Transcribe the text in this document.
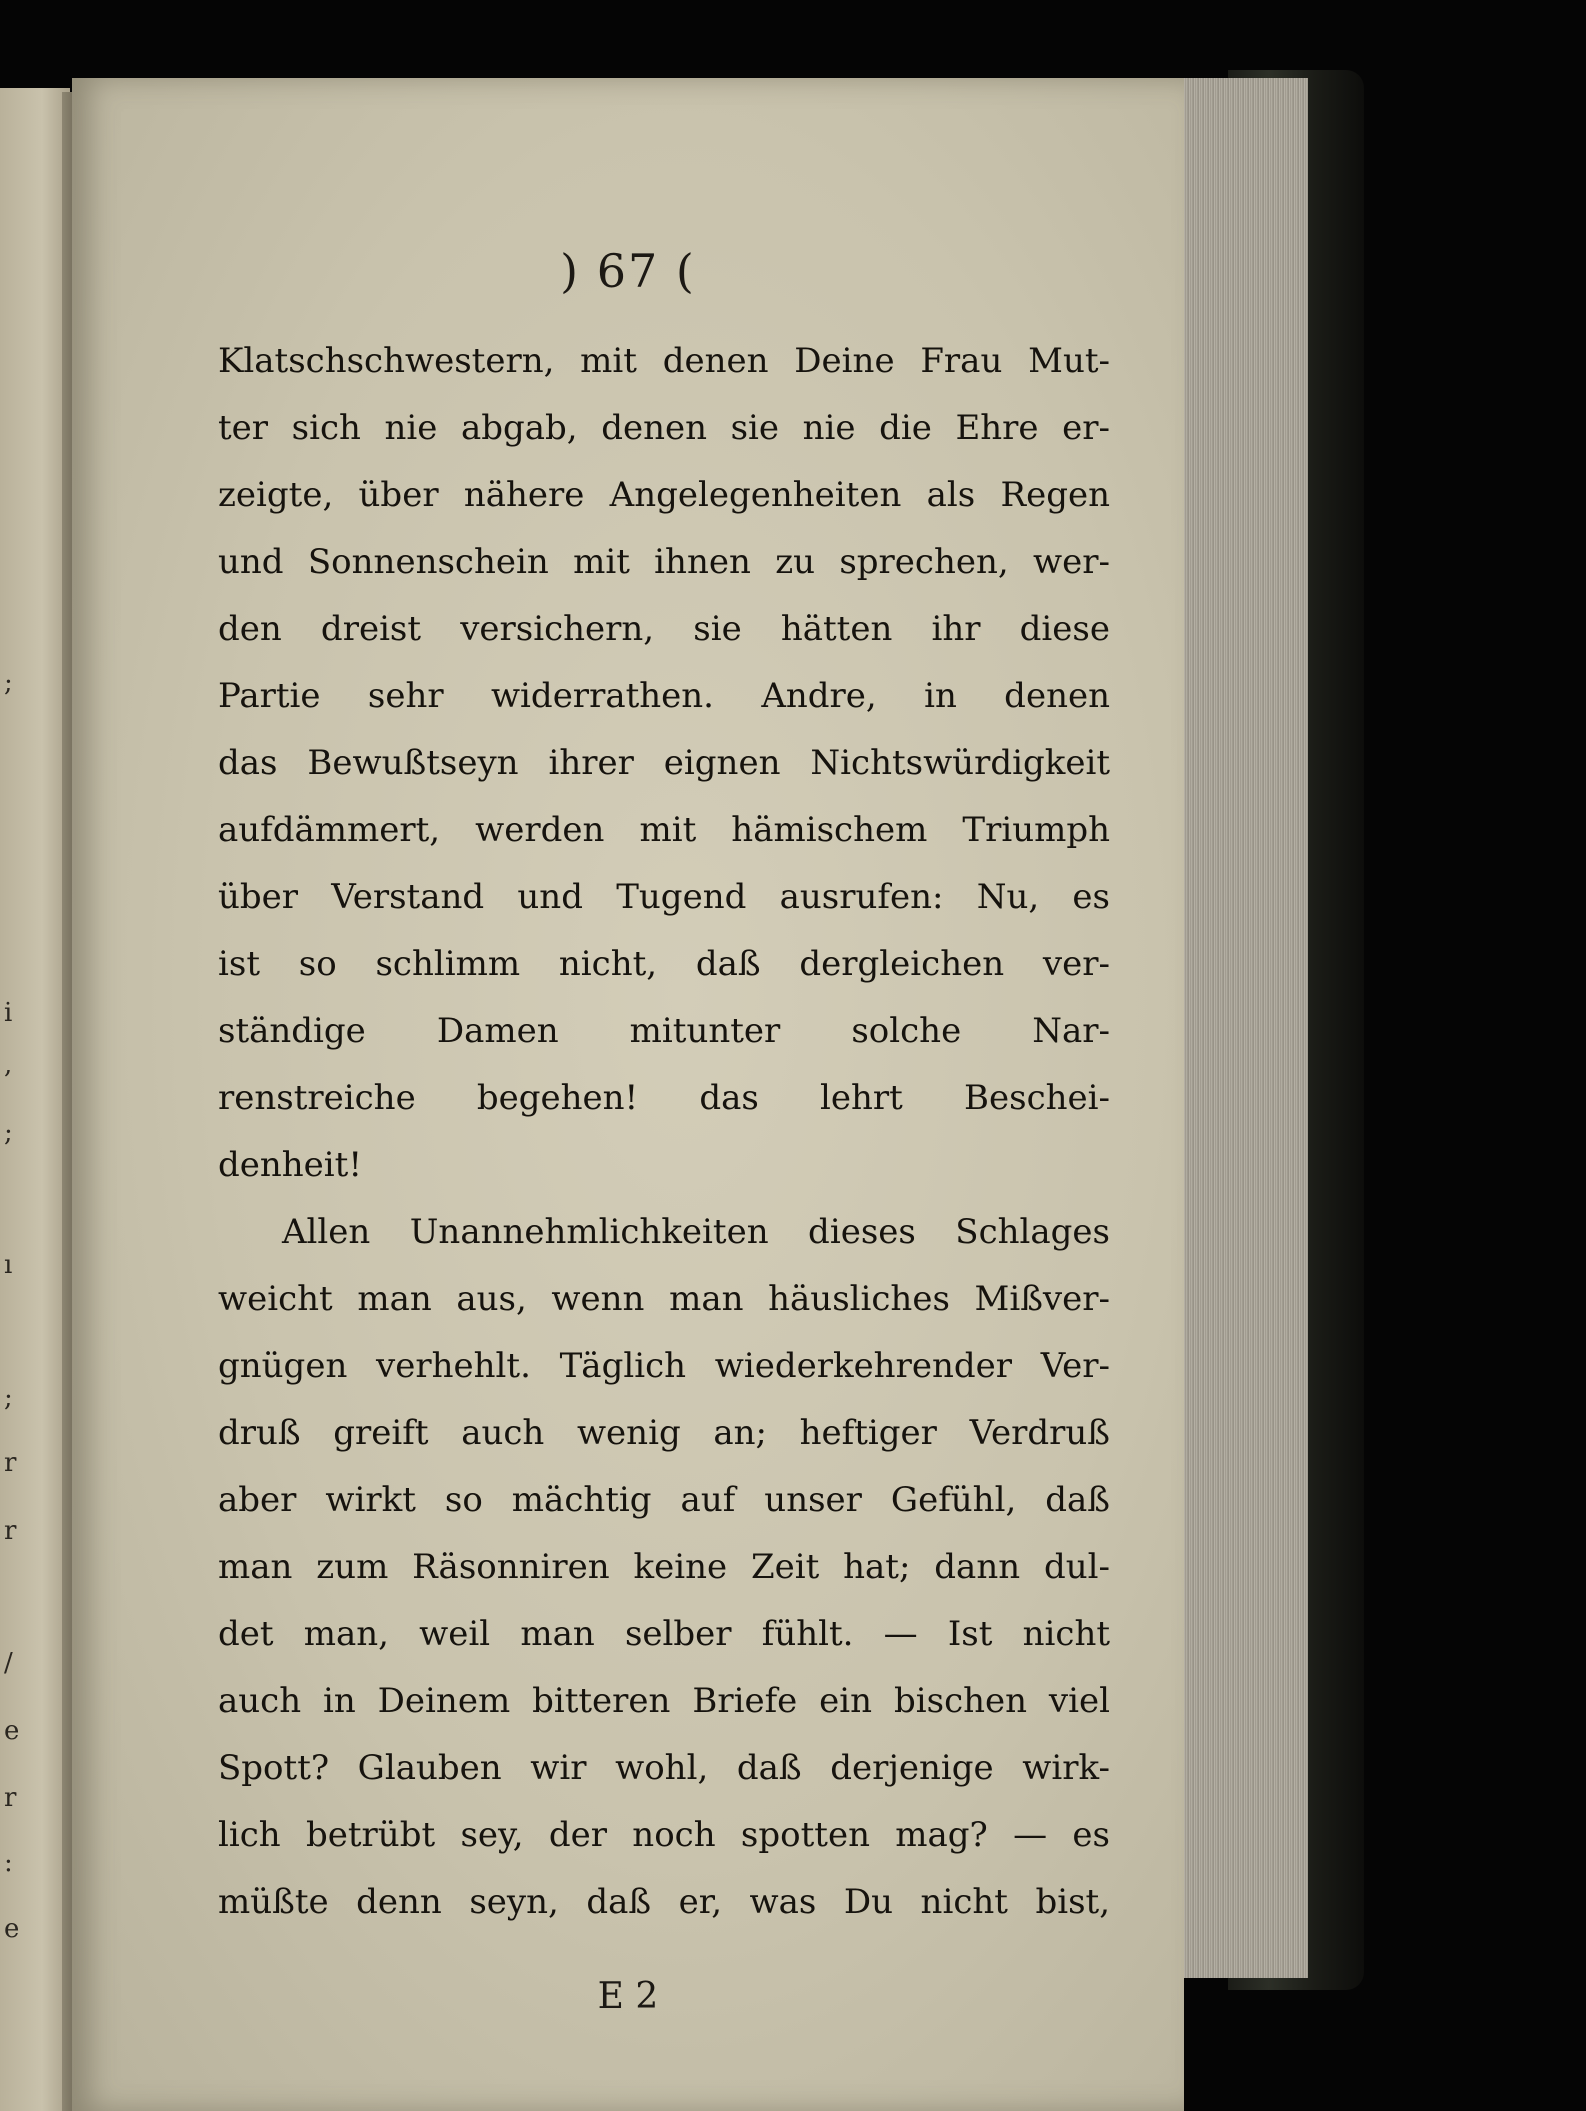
;
i
,
;
ı
;
r
r
/
e
r
:
e
) 67 (
Klatschschwestern, mit denen Deine Frau Mut-
ter sich nie abgab, denen sie nie die Ehre er-
zeigte, über nähere Angelegenheiten als Regen
und Sonnenschein mit ihnen zu sprechen, wer-
den dreist versichern, sie hätten ihr diese
Partie sehr widerrathen. Andre, in denen
das Bewußtseyn ihrer eignen Nichtswürdigkeit
aufdämmert, werden mit hämischem Triumph
über Verstand und Tugend ausrufen: Nu, es
ist so schlimm nicht, daß dergleichen ver-
ständige Damen mitunter solche Nar-
renstreiche begehen! das lehrt Beschei-
denheit!
Allen Unannehmlichkeiten dieses Schlages
weicht man aus, wenn man häusliches Mißver-
gnügen verhehlt. Täglich wiederkehrender Ver-
druß greift auch wenig an; heftiger Verdruß
aber wirkt so mächtig auf unser Gefühl, daß
man zum Räsonniren keine Zeit hat; dann dul-
det man, weil man selber fühlt. — Ist nicht
auch in Deinem bitteren Briefe ein bischen viel
Spott? Glauben wir wohl, daß derjenige wirk-
lich betrübt sey, der noch spotten mag? — es
müßte denn seyn, daß er, was Du nicht bist,
E 2
